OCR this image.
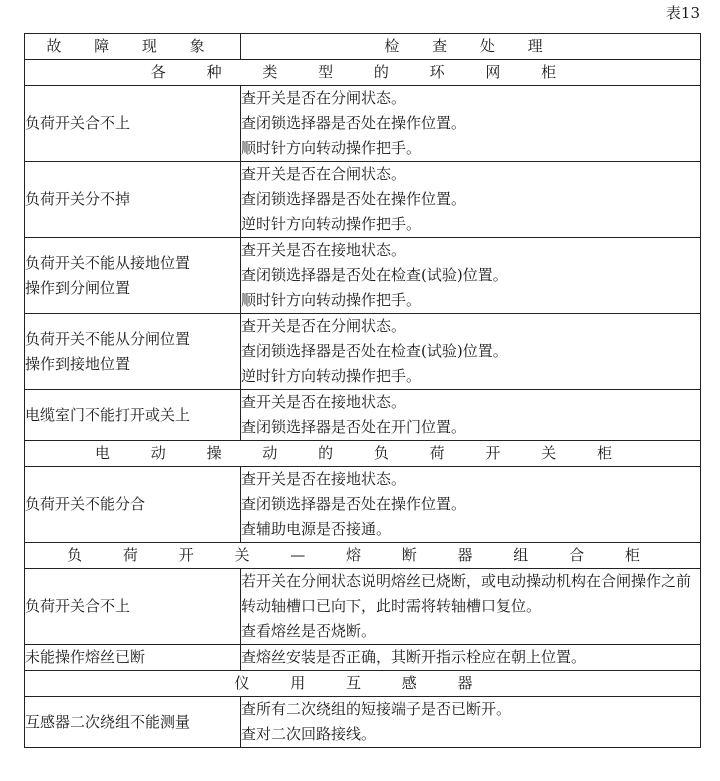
表13
故 障 现 象	检 查 处 理
各 种 类 型 的 环 网 柜	

负荷开关合不上	查开关是否在分闸状态。
查闭锁选择器是否处在操作位置。
顺时针方向转动操作把手。

负荷开关分不掉	查开关是否在合闸状态。
查闭锁选择器是否处在操作位置。
逆时针方向转动操作把手。

负荷开关不能从接地位置
操作到分闸位置	查开关是否在接地状态。
查闭锁选择器是否处在检查(试验)位置。
顺时针方向转动操作把手。

负荷开关不能从分闸位置
操作到接地位置	查开关是否在分闸状态。
查闭锁选择器是否处在检查(试验)位置。
逆时针方向转动操作把手。

电缆室门不能打开或关上	查开关是否在接地状态。
查闭锁选择器是否处在开门位置。

电 动 操 动 的 负 荷 开 关 柜	

负荷开关不能分合	查开关是否在接地状态。
查闭锁选择器是否处在操作位置。
查辅助电源是否接通。

负 荷 开 关 — 熔 断 器 组 合 柜	

负荷开关合不上	若开关在分闸状态说明熔丝已烧断，或电动操动机构在合闸操作之前转动轴槽口已向下，此时需将转轴槽口复位。
查看熔丝是否烧断。

未能操作熔丝已断	查熔丝安装是否正确，其断开指示栓应在朝上位置。

仪 用 互 感 器	

互感器二次绕组不能测量	查所有二次绕组的短接端子是否已断开。
查对二次回路接线。
